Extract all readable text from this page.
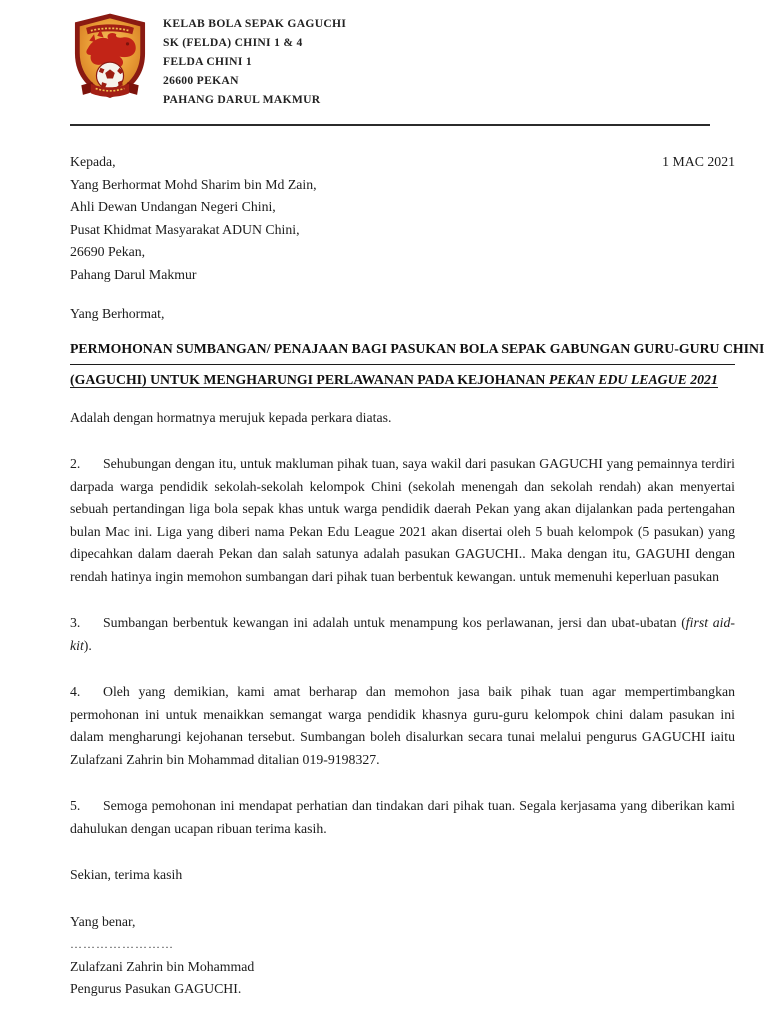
KELAB BOLA SEPAK GAGUCHI
SK (FELDA) CHINI 1 & 4
FELDA CHINI 1
26600 PEKAN
PAHANG DARUL MAKMUR
Kepada,	1 MAC 2021
Yang Berhormat Mohd Sharim bin Md Zain,
Ahli Dewan Undangan Negeri Chini,
Pusat Khidmat Masyarakat ADUN Chini,
26690 Pekan,
Pahang Darul Makmur
Yang Berhormat,
PERMOHONAN SUMBANGAN/ PENAJAAN BAGI PASUKAN BOLA SEPAK GABUNGAN GURU-GURU CHINI (GAGUCHI) UNTUK MENGHARUNGI PERLAWANAN PADA KEJOHANAN PEKAN EDU LEAGUE 2021
Adalah dengan hormatnya merujuk kepada perkara diatas.

2. Sehubungan dengan itu, untuk makluman pihak tuan, saya wakil dari pasukan GAGUCHI yang pemainnya terdiri darpada warga pendidik sekolah-sekolah kelompok Chini (sekolah menengah dan sekolah rendah) akan menyertai sebuah pertandingan liga bola sepak khas untuk warga pendidik daerah Pekan yang akan dijalankan pada pertengahan bulan Mac ini. Liga yang diberi nama Pekan Edu League 2021 akan disertai oleh 5 buah kelompok (5 pasukan) yang dipecahkan dalam daerah Pekan dan salah satunya adalah pasukan GAGUCHI.. Maka dengan itu, GAGUHI dengan rendah hatinya ingin memohon sumbangan dari pihak tuan berbentuk kewangan. untuk memenuhi keperluan pasukan

3. Sumbangan berbentuk kewangan ini adalah untuk menampung kos perlawanan, jersi dan ubat-ubatan (first aid-kit).

4. Oleh yang demikian, kami amat berharap dan memohon jasa baik pihak tuan agar mempertimbangkan permohonan ini untuk menaikkan semangat warga pendidik khasnya guru-guru kelompok chini dalam pasukan ini dalam mengharungi kejohanan tersebut. Sumbangan boleh disalurkan secara tunai melalui pengurus GAGUCHI iaitu Zulafzani Zahrin bin Mohammad ditalian 019-9198327.

5. Semoga pemohonan ini mendapat perhatian dan tindakan dari pihak tuan. Segala kerjasama yang diberikan kami dahulukan dengan ucapan ribuan terima kasih.

Sekian, terima kasih
Yang benar,
……………………
Zulafzani Zahrin bin Mohammad
Pengurus Pasukan GAGUCHI.
